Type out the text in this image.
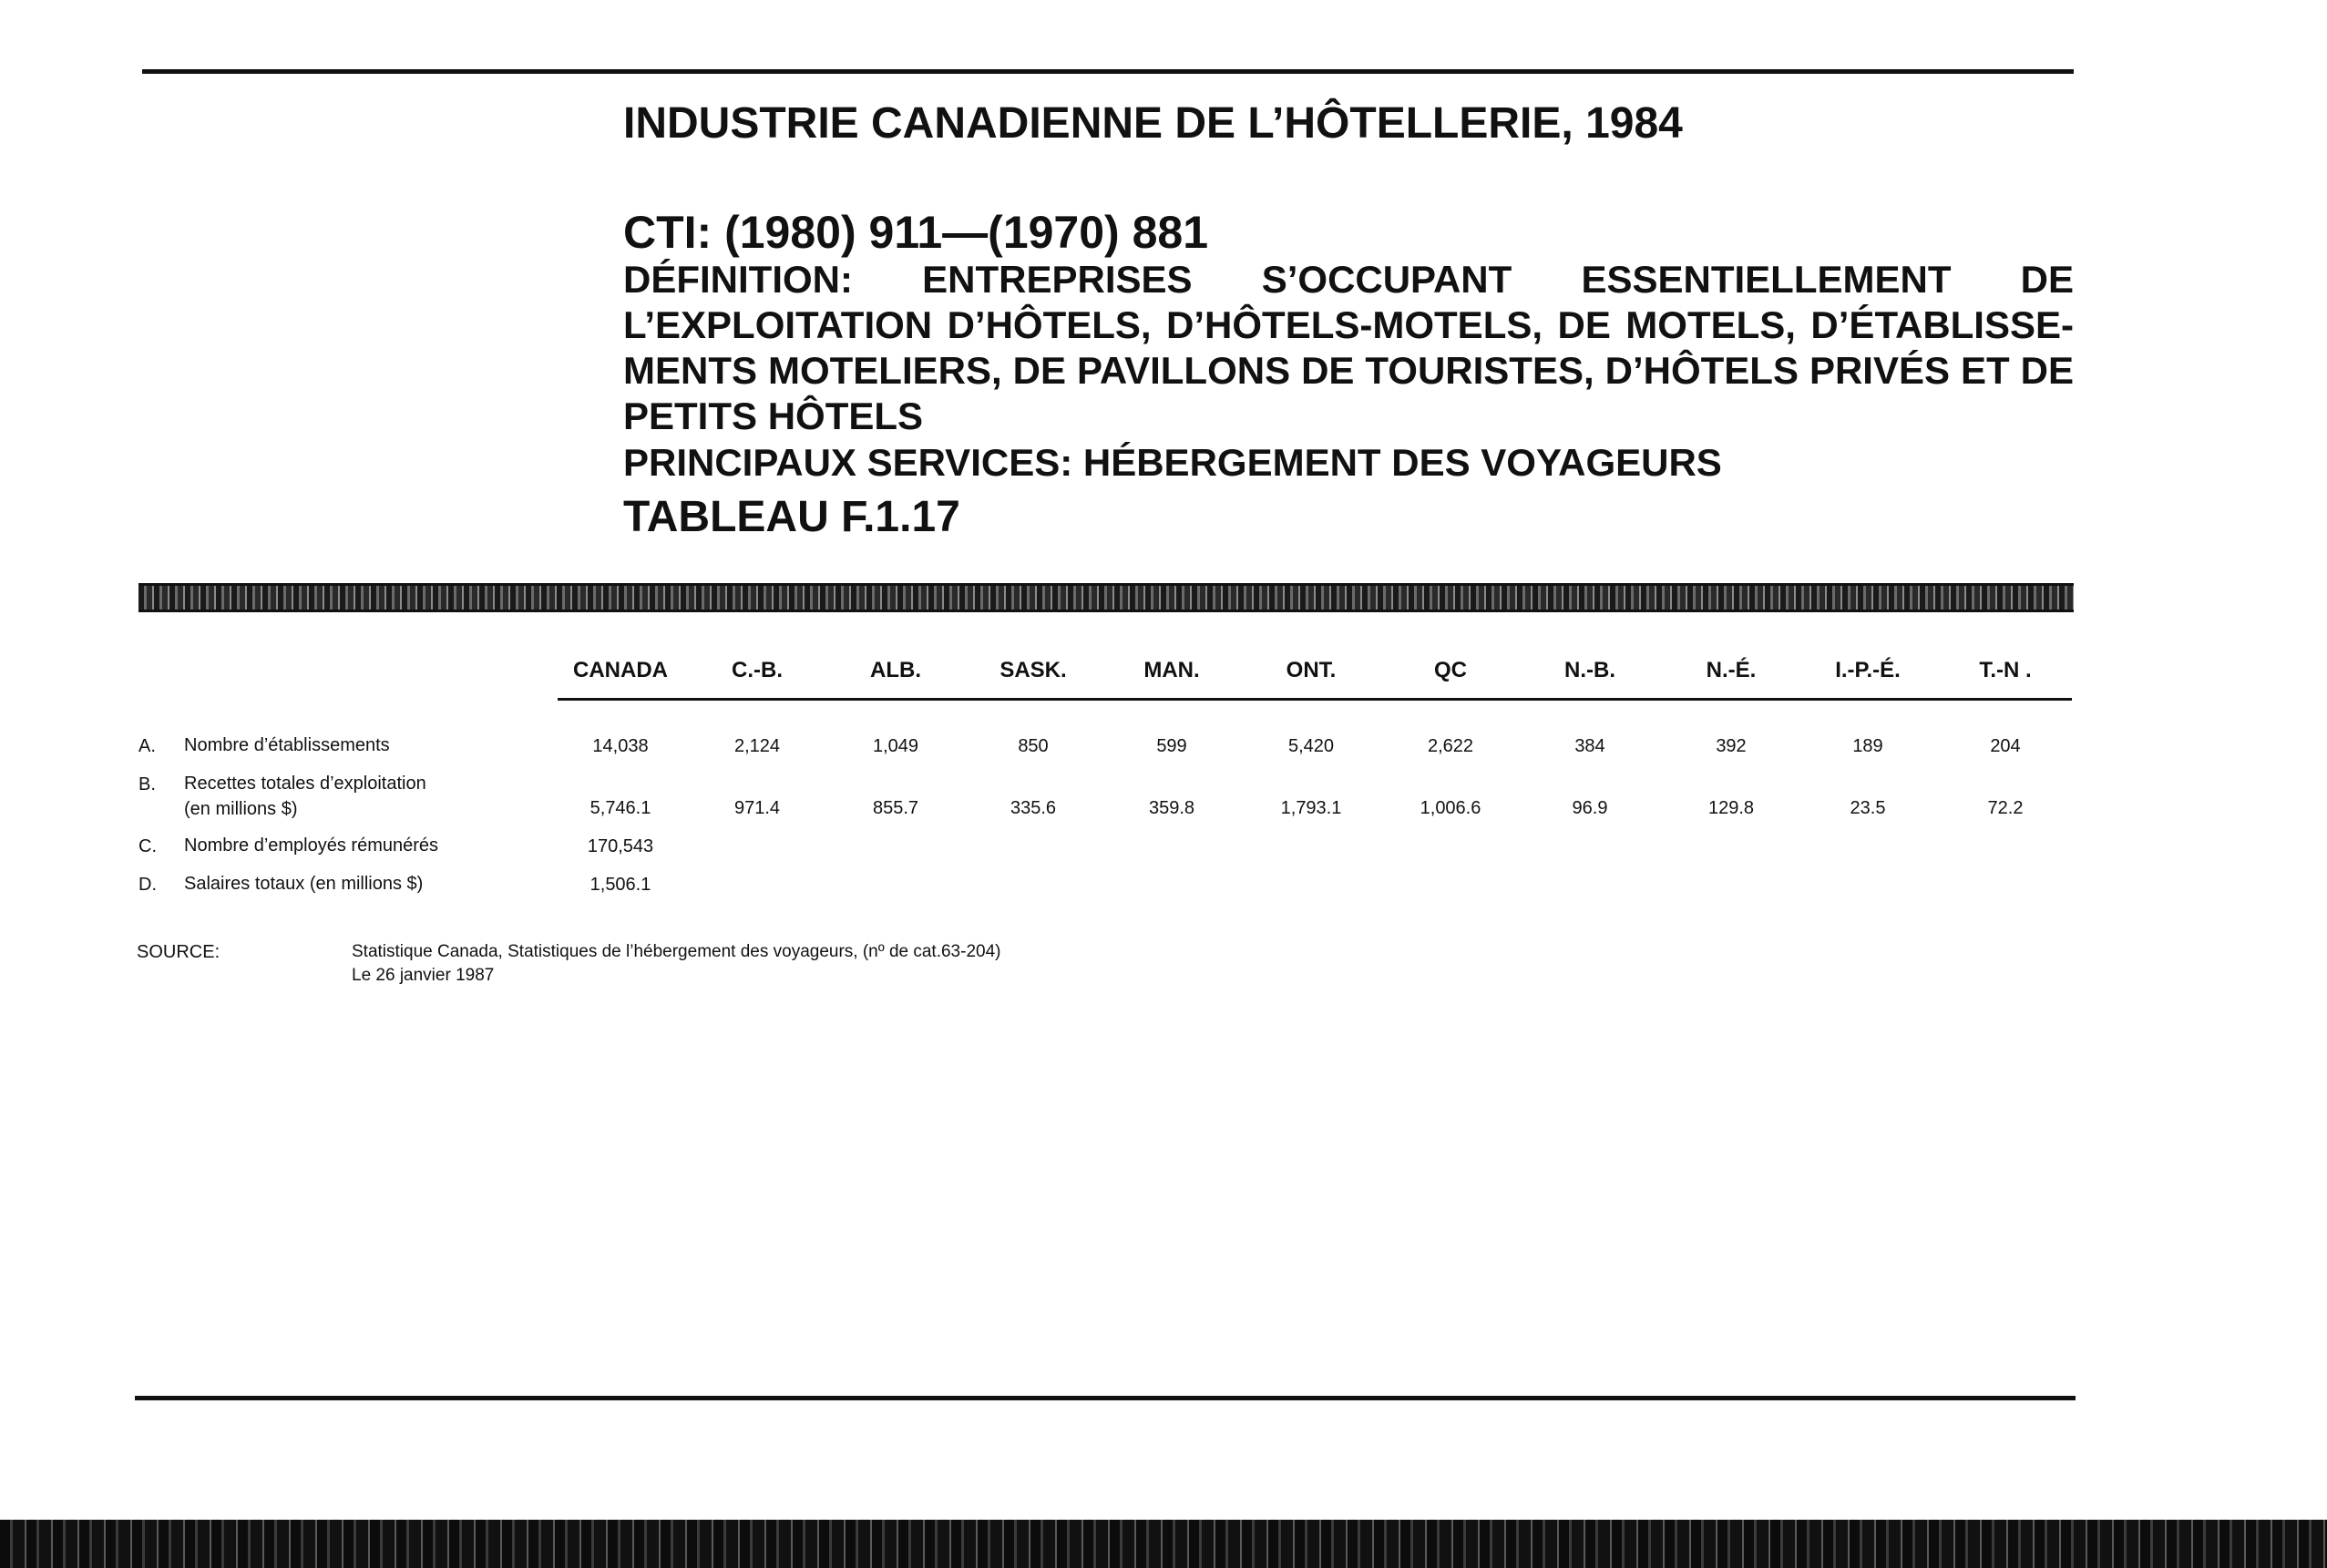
INDUSTRIE CANADIENNE DE L’HÔTELLERIE, 1984
CTI: (1980) 911—(1970) 881
DÉFINITION: ENTREPRISES S’OCCUPANT ESSENTIELLEMENT DE L’EXPLOITATION D’HÔTELS, D’HÔTELS-MOTELS, DE MOTELS, D’ÉTABLISSE-MENTS MOTELIERS, DE PAVILLONS DE TOURISTES, D’HÔTELS PRIVÉS ET DE PETITS HÔTELS
PRINCIPAUX SERVICES: HÉBERGEMENT DES VOYAGEURS
TABLEAU F.1.17
CANADA	C.-B.	ALB.	SASK.	MAN.	ONT.	QC	N.-B.	N.-É.	I.-P.-É.	T.-N .
A. Nombre d’établissements	14,038	2,124	1,049	850	599	5,420	2,622	384	392	189	204
B. Recettes totales d’exploitation
(en millions $)	5,746.1	971.4	855.7	335.6	359.8	1,793.1	1,006.6	96.9	129.8	23.5	72.2
C. Nombre d’employés rémunérés	170,543
D. Salaires totaux (en millions $)	1,506.1
SOURCE:	Statistique Canada, Statistiques de l’hébergement des voyageurs, (nº de cat.63-204)
Le 26 janvier 1987
